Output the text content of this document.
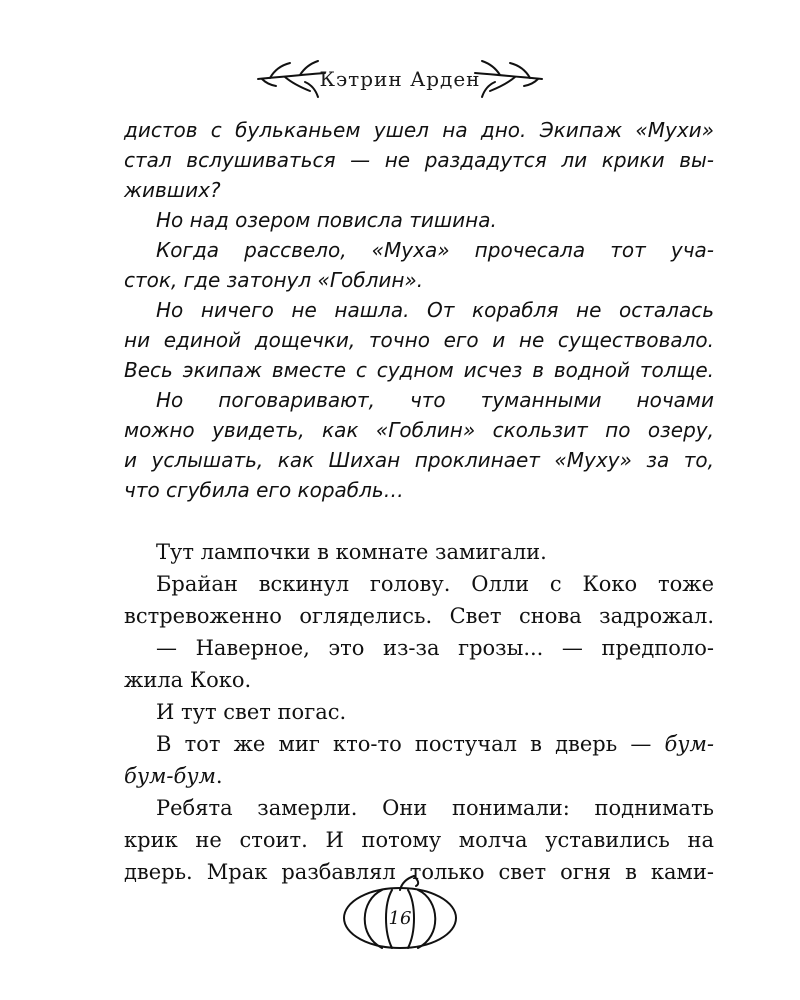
Кэтрин Арден
дистов с бульканьем ушел на дно. Экипаж «Мухи»
стал вслушиваться — не раздадутся ли крики вы-
живших?
Но над озером повисла тишина.
Когда рассвело, «Муха» прочесала тот уча-
сток, где затонул «Гоблин».
Но ничего не нашла. От корабля не осталась
ни единой дощечки, точно его и не существовало.
Весь экипаж вместе с судном исчез в водной толще.
Но поговаривают, что туманными ночами
можно увидеть, как «Гоблин» скользит по озеру,
и услышать, как Шихан проклинает «Муху» за то,
что сгубила его корабль…
Тут лампочки в комнате замигали.
Брайан вскинул голову. Олли с Коко тоже
встревоженно огляделись. Свет снова задрожал.
— Наверное, это из-за грозы... — предполо-
жила Коко.
И тут свет погас.
В тот же миг кто-то постучал в дверь — бум-
бум-бум.
Ребята замерли. Они понимали: поднимать
крик не стоит. И потому молча уставились на
дверь. Мрак разбавлял только свет огня в ками-
16
